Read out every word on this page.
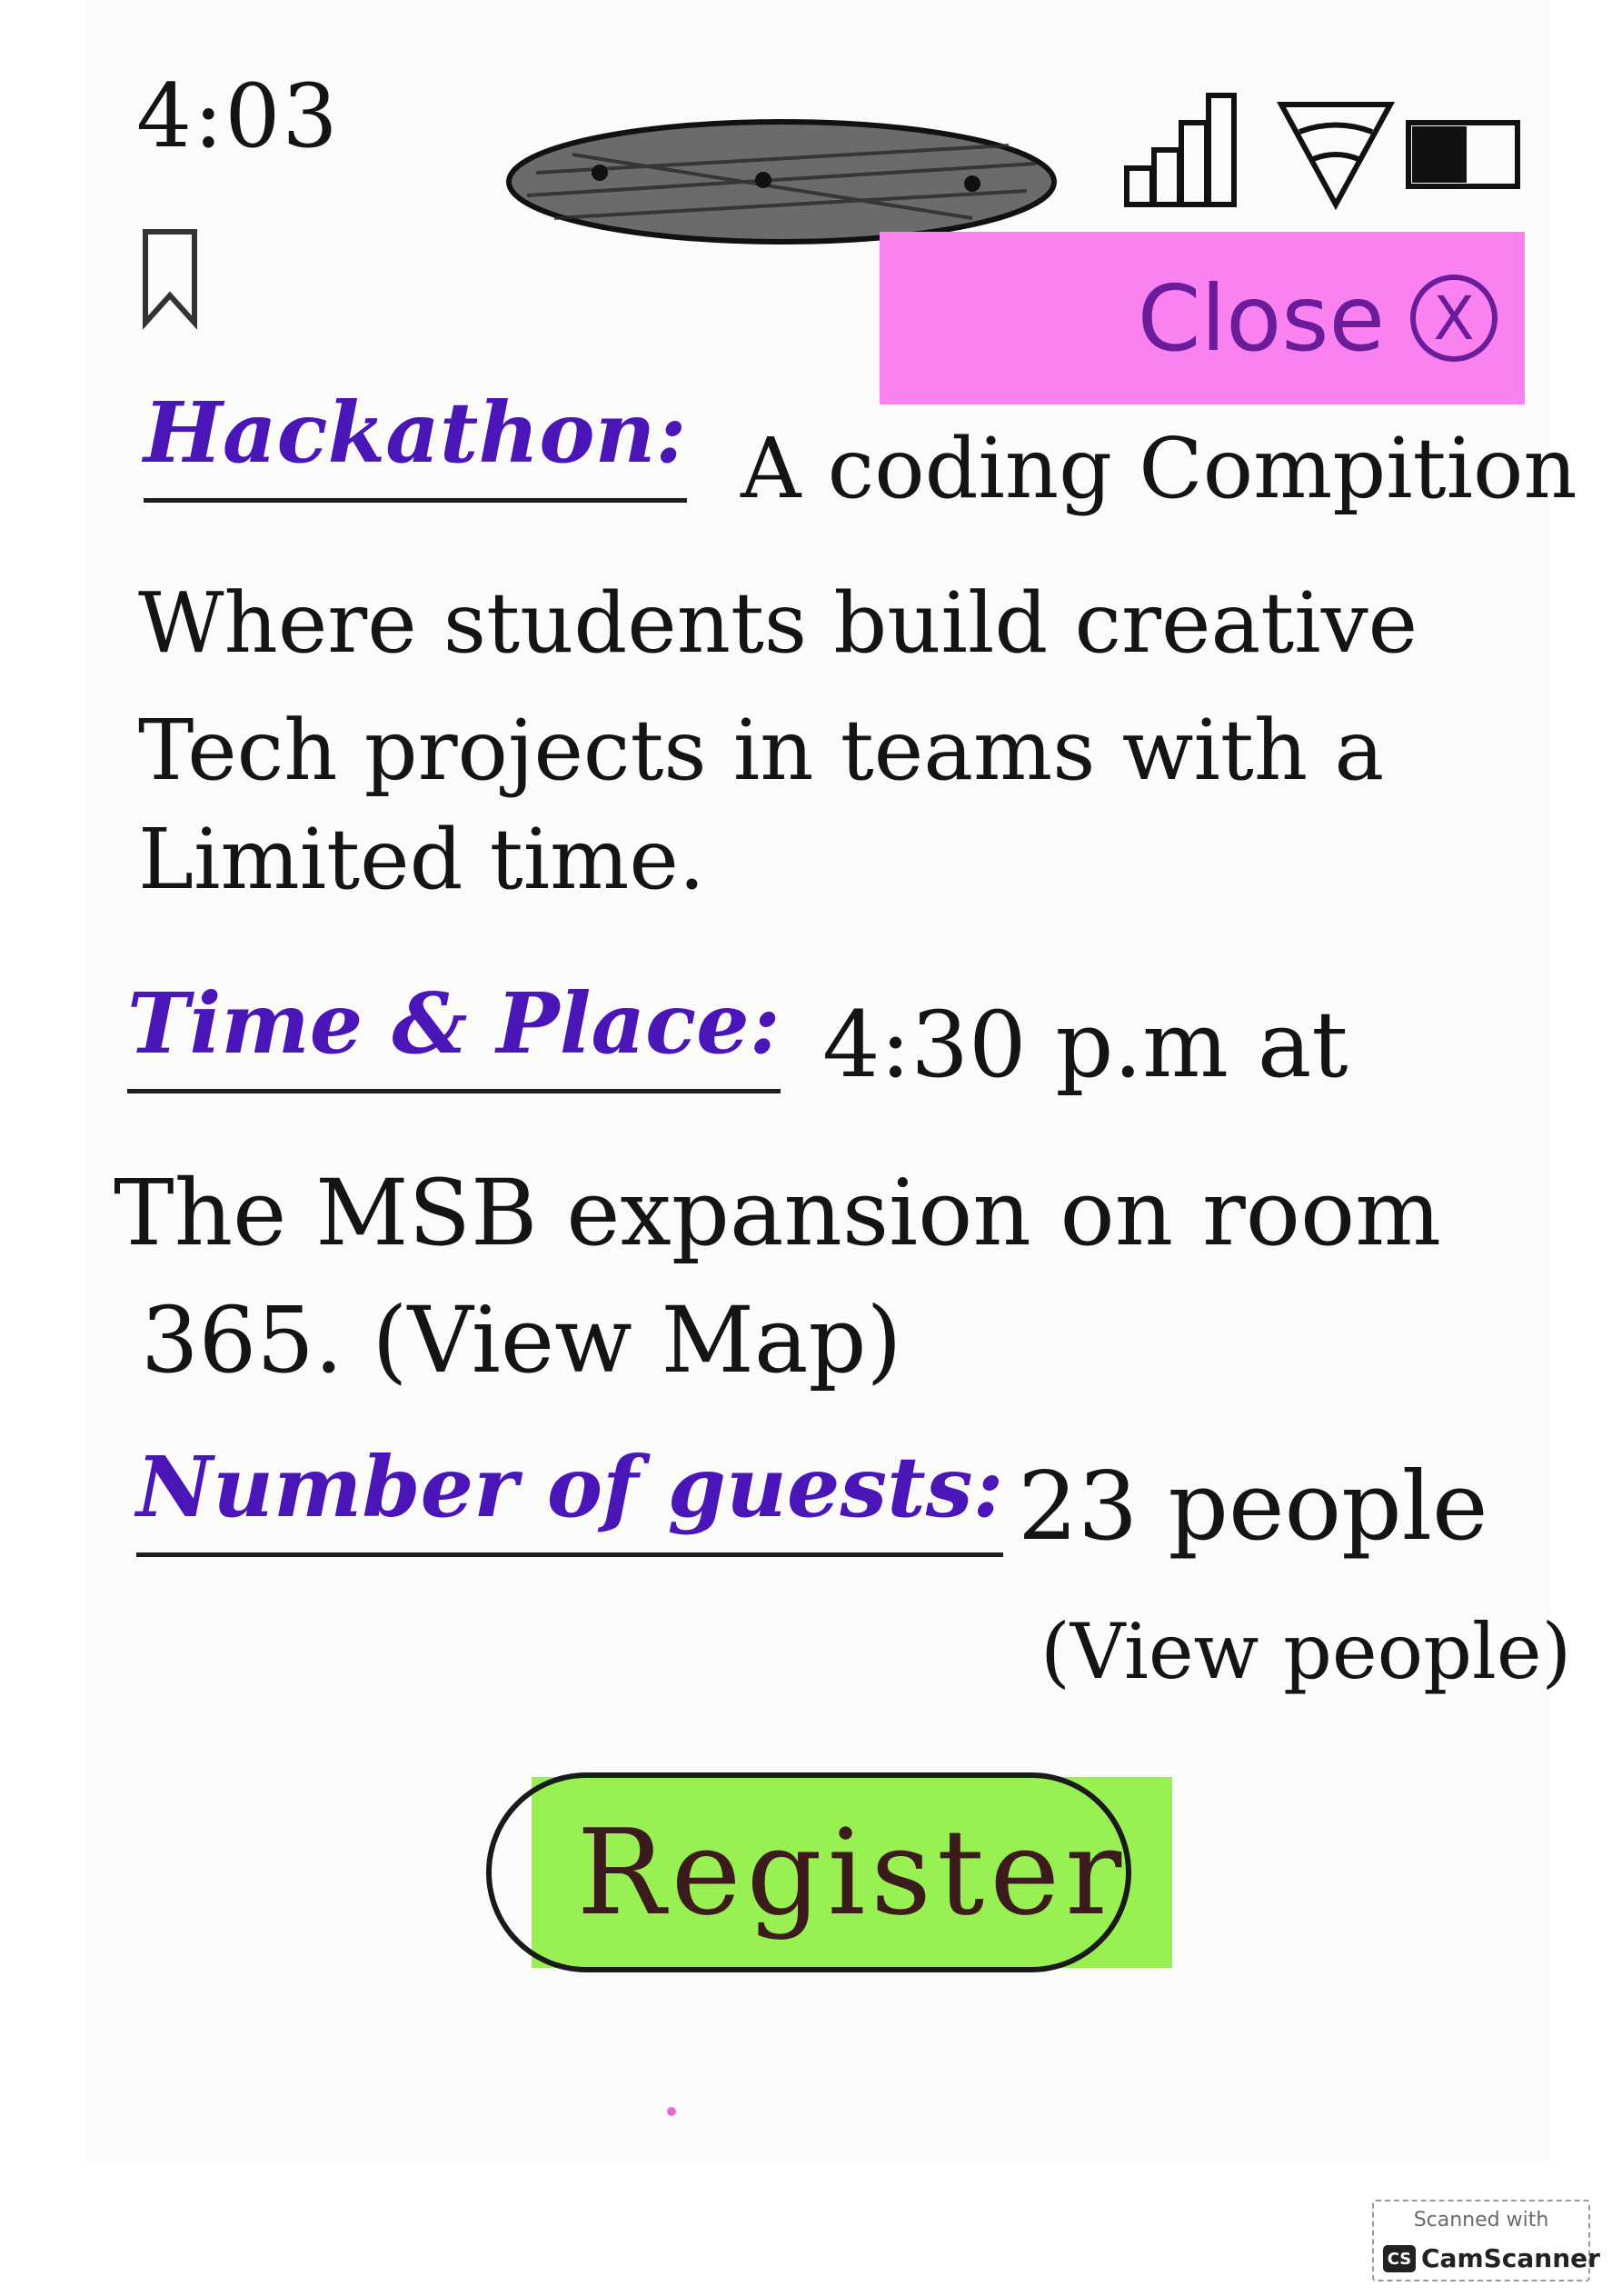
4:03
Close X
Hackathon: A coding Compition
Where students build creative
Tech projects in teams with a
Limited time.
Time & Place: 4:30 p.m at
The MSB expansion on room
365. (View Map)
Number of guests: 23 people
(View people)
Register
Scanned with
CS CamScanner
